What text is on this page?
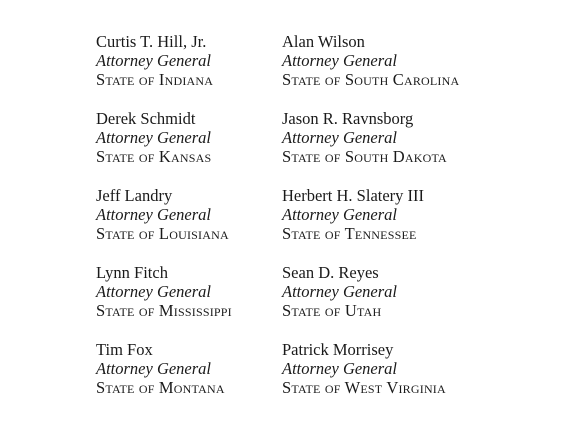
Curtis T. Hill, Jr.
Attorney General
State of Indiana
Derek Schmidt
Attorney General
State of Kansas
Jeff Landry
Attorney General
State of Louisiana
Lynn Fitch
Attorney General
State of Mississippi
Tim Fox
Attorney General
State of Montana
Alan Wilson
Attorney General
State of South Carolina
Jason R. Ravnsborg
Attorney General
State of South Dakota
Herbert H. Slatery III
Attorney General
State of Tennessee
Sean D. Reyes
Attorney General
State of Utah
Patrick Morrisey
Attorney General
State of West Virginia
